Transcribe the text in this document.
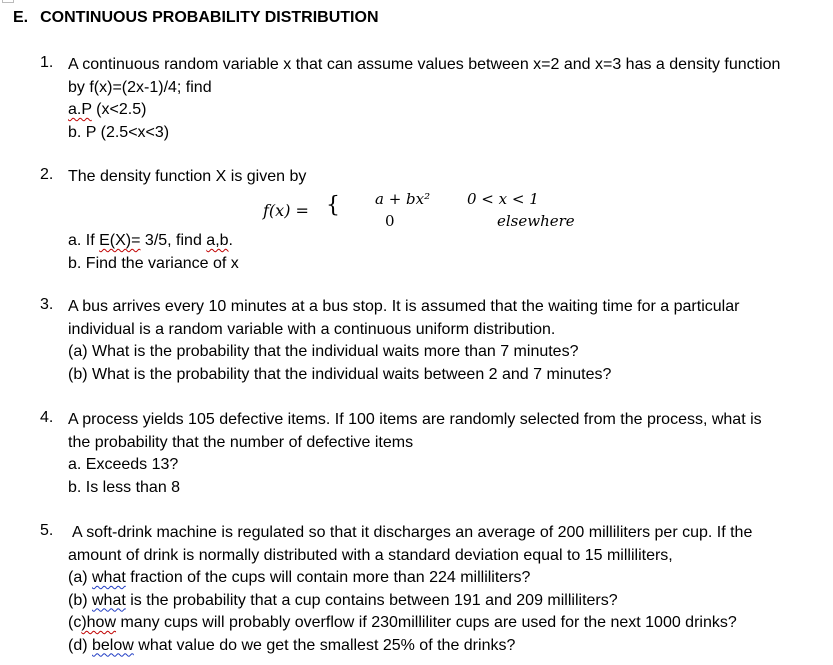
E. CONTINUOUS PROBABILITY DISTRIBUTION
1. A continuous random variable x that can assume values between x=2 and x=3 has a density function
by f(x)=(2x-1)/4; find
a.P (x<2.5)
b. P (2.5<x<3)
2. The density function X is given by
f(x) = { a + bx² 0 < x < 1
0	elsewhere
a. If E(X)= 3/5, find a,b.
b. Find the variance of x
3. A bus arrives every 10 minutes at a bus stop. It is assumed that the waiting time for a particular
individual is a random variable with a continuous uniform distribution.
(a) What is the probability that the individual waits more than 7 minutes?
(b) What is the probability that the individual waits between 2 and 7 minutes?
4. A process yields 105 defective items. If 100 items are randomly selected from the process, what is
the probability that the number of defective items
a. Exceeds 13?
b. Is less than 8
5. A soft-drink machine is regulated so that it discharges an average of 200 milliliters per cup. If the
amount of drink is normally distributed with a standard deviation equal to 15 milliliters,
(a) what fraction of the cups will contain more than 224 milliliters?
(b) what is the probability that a cup contains between 191 and 209 milliliters?
(c)how many cups will probably overflow if 230milliliter cups are used for the next 1000 drinks?
(d) below what value do we get the smallest 25% of the drinks?
